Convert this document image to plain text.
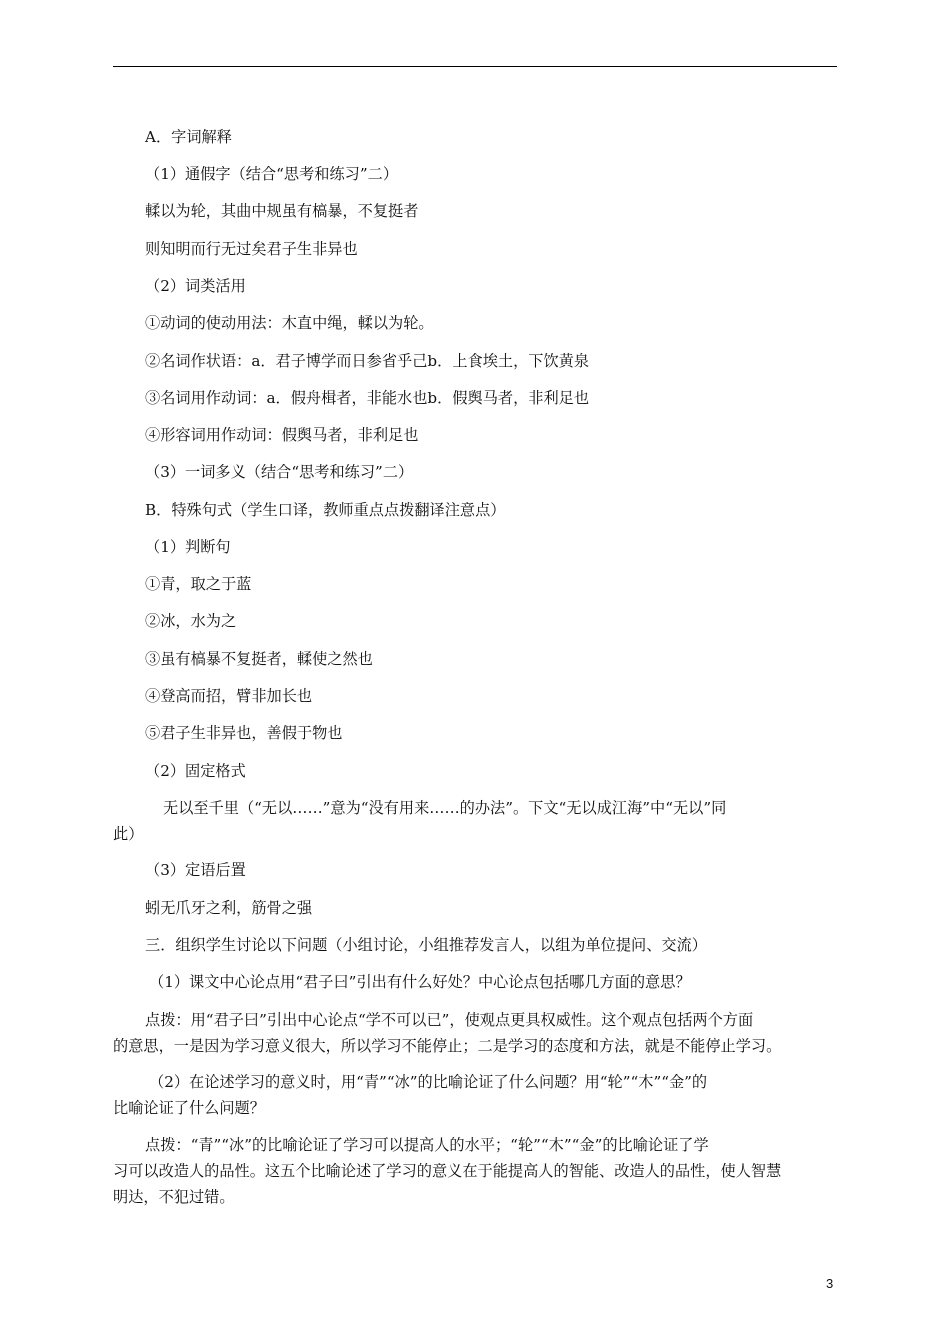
A．字词解释
（1）通假字（结合“思考和练习”二）
輮以为轮，其曲中规虽有槁暴，不复挺者
则知明而行无过矣君子生非异也
（2）词类活用
①动词的使动用法：木直中绳，輮以为轮。
②名词作状语：a．君子博学而日参省乎己b．上食埃土，下饮黄泉
③名词用作动词：a．假舟楫者，非能水也b．假舆马者，非利足也
④形容词用作动词：假舆马者，非利足也
（3）一词多义（结合“思考和练习”二）
B．特殊句式（学生口译，教师重点点拨翻译注意点）
（1）判断句
①青，取之于蓝
②冰，水为之
③虽有槁暴不复挺者，輮使之然也
④登高而招，臂非加长也
⑤君子生非异也，善假于物也
（2）固定格式
无以至千里（“无以……”意为“没有用来……的办法”。下文“无以成江海”中“无以”同
此）
（3）定语后置
蚓无爪牙之利，筋骨之强
三．组织学生讨论以下问题（小组讨论，小组推荐发言人，以组为单位提问、交流）
（1）课文中心论点用“君子曰”引出有什么好处？中心论点包括哪几方面的意思？
点拨：用“君子曰”引出中心论点“学不可以已”，使观点更具权威性。这个观点包括两个方面
的意思，一是因为学习意义很大，所以学习不能停止；二是学习的态度和方法，就是不能停止学习。
（2）在论述学习的意义时，用“青”“冰”的比喻论证了什么问题？用“轮”“木”“金”的
比喻论证了什么问题？
点拨：“青”“冰”的比喻论证了学习可以提高人的水平；“轮”“木”“金”的比喻论证了学
习可以改造人的品性。这五个比喻论述了学习的意义在于能提高人的智能、改造人的品性，使人智慧
明达，不犯过错。
3
